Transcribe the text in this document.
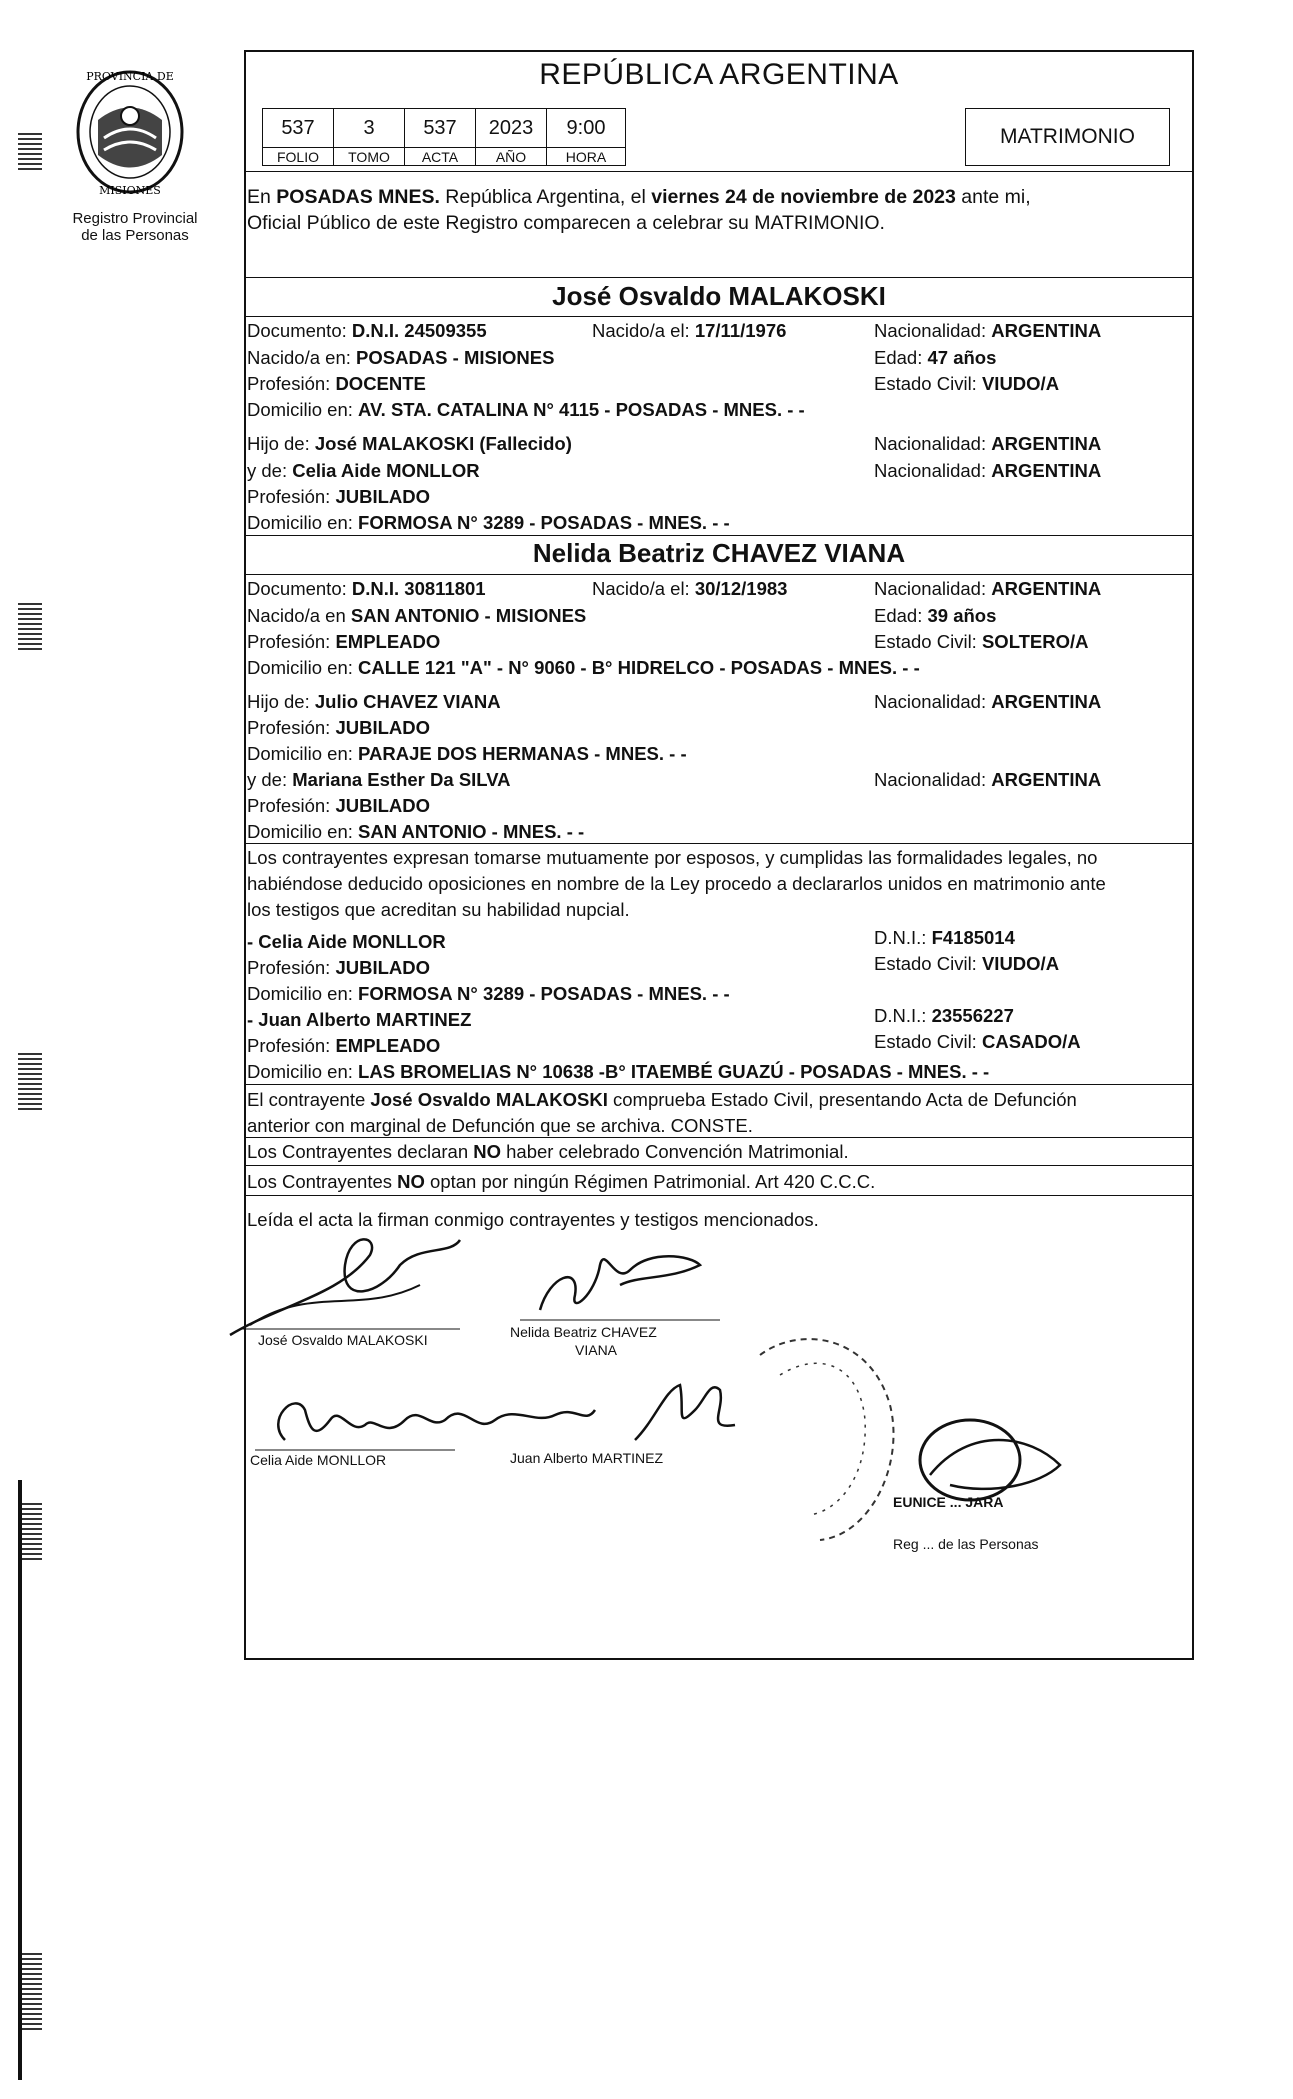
PROVINCIA DE
MISIONES
Registro Provincial
de las Personas
REPÚBLICA ARGENTINA
537	3	537	2023	9:00
FOLIO	TOMO	ACTA	AÑO	HORA
MATRIMONIO
En POSADAS MNES. República Argentina, el viernes 24 de noviembre de 2023 ante mi,
Oficial Público de este Registro comparecen a celebrar su MATRIMONIO.
José Osvaldo MALAKOSKI
Documento: D.N.I. 24509355	Nacido/a el: 17/11/1976	Nacionalidad: ARGENTINA
Nacido/a en: POSADAS - MISIONES	Edad: 47 años
Profesión: DOCENTE	Estado Civil: VIUDO/A
Domicilio en: AV. STA. CATALINA N° 4115 - POSADAS - MNES. - -
Hijo de: José MALAKOSKI (Fallecido)	Nacionalidad: ARGENTINA
y de: Celia Aide MONLLOR	Nacionalidad: ARGENTINA
Profesión: JUBILADO
Domicilio en: FORMOSA N° 3289 - POSADAS - MNES. - -
Nelida Beatriz CHAVEZ VIANA
Documento: D.N.I. 30811801	Nacido/a el: 30/12/1983	Nacionalidad: ARGENTINA
Nacido/a en SAN ANTONIO - MISIONES	Edad: 39 años
Profesión: EMPLEADO	Estado Civil: SOLTERO/A
Domicilio en: CALLE 121 "A" - N° 9060 - B° HIDRELCO - POSADAS - MNES. - -
Hijo de: Julio CHAVEZ VIANA	Nacionalidad: ARGENTINA
Profesión: JUBILADO
Domicilio en: PARAJE DOS HERMANAS - MNES. - -
y de: Mariana Esther Da SILVA	Nacionalidad: ARGENTINA
Profesión: JUBILADO
Domicilio en: SAN ANTONIO - MNES. - -
Los contrayentes expresan tomarse mutuamente por esposos, y cumplidas las formalidades legales, no
habiéndose deducido oposiciones en nombre de la Ley procedo a declararlos unidos en matrimonio ante
los testigos que acreditan su habilidad nupcial.
- Celia Aide MONLLOR	D.N.I.: F4185014
Profesión: JUBILADO	Estado Civil: VIUDO/A
Domicilio en: FORMOSA N° 3289 - POSADAS - MNES. - -
- Juan Alberto MARTINEZ	D.N.I.: 23556227
Profesión: EMPLEADO	Estado Civil: CASADO/A
Domicilio en: LAS BROMELIAS N° 10638 -B° ITAEMBÉ GUAZÚ - POSADAS - MNES. - -
El contrayente José Osvaldo MALAKOSKI comprueba Estado Civil, presentando Acta de Defunción
anterior con marginal de Defunción que se archiva. CONSTE.
Los Contrayentes declaran NO haber celebrado Convención Matrimonial.
Los Contrayentes NO optan por ningún Régimen Patrimonial. Art 420 C.C.C.
Leída el acta la firman conmigo contrayentes y testigos mencionados.
José Osvaldo MALAKOSKI	Nelida Beatriz CHAVEZ
VIANA
Celia Aide MONLLOR	Juan Alberto MARTINEZ
EUNICE ... JARA
Reg ... de las Personas
